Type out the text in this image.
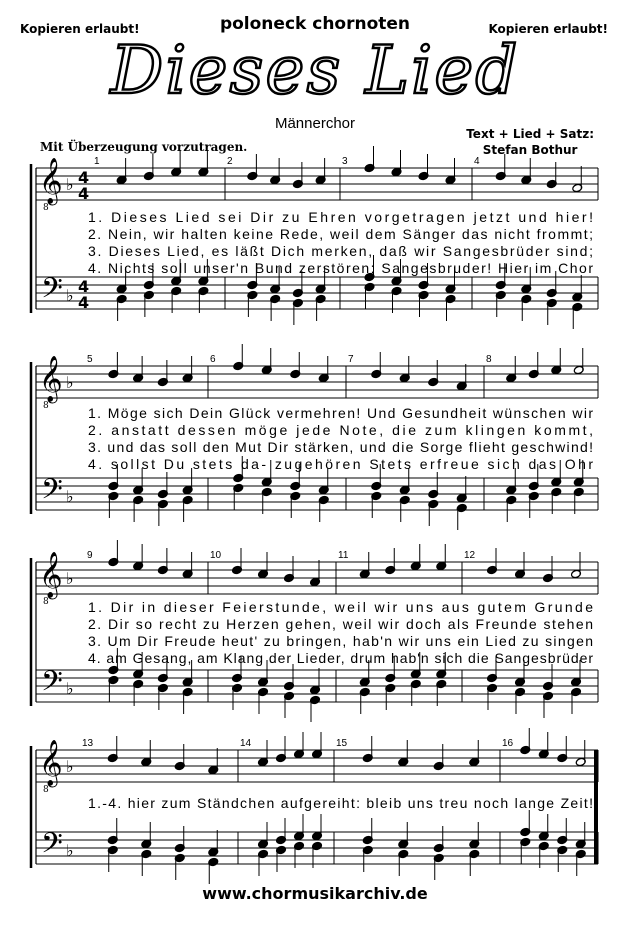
Kopieren erlaubt!	poloneck chornoten	Kopieren erlaubt!
Dieses Lied
Männerchor
Mit Überzeugung vorzutragen.
Text + Lied + Satz:
Stefan Bothur
𝄞
8
𝄢
♭
♭
4
4
4
4
1	2	3	4
1. Dieses Lied sei Dir zu Ehren vorgetragen jetzt und hier!
2. Nein, wir halten keine Rede, weil dem Sänger das nicht frommt;
3. Dieses Lied, es läßt Dich merken, daß wir Sangesbrüder sind;
4. Nichts soll unser'n Bund zerstören: Sangesbruder! Hier im Chor
𝄞
8
𝄢
♭
♭
5	6	7	8
1. Möge sich Dein Glück vermehren! Und Gesundheit wünschen wir
2. anstatt dessen möge jede Note, die zum klingen kommt,
3. und das soll den Mut Dir stärken, und die Sorge flieht geschwind!
4. sollst Du stets da- zugehören Stets erfreue sich das Ohr
𝄞
8
𝄢
♭
♭
9	10	11	12
1. Dir in dieser Feierstunde, weil wir uns aus gutem Grunde
2. Dir so recht zu Herzen gehen, weil wir doch als Freunde stehen
3. Um Dir Freude heut' zu bringen, hab'n wir uns ein Lied zu singen
4. am Gesang, am Klang der Lieder, drum hab'n sich die Sangesbrüder
𝄞
8
𝄢
♭
♭
13	14	15	16
1.-4. hier zum Ständchen aufgereiht: bleib uns treu noch lange Zeit!
www.chormusikarchiv.de
